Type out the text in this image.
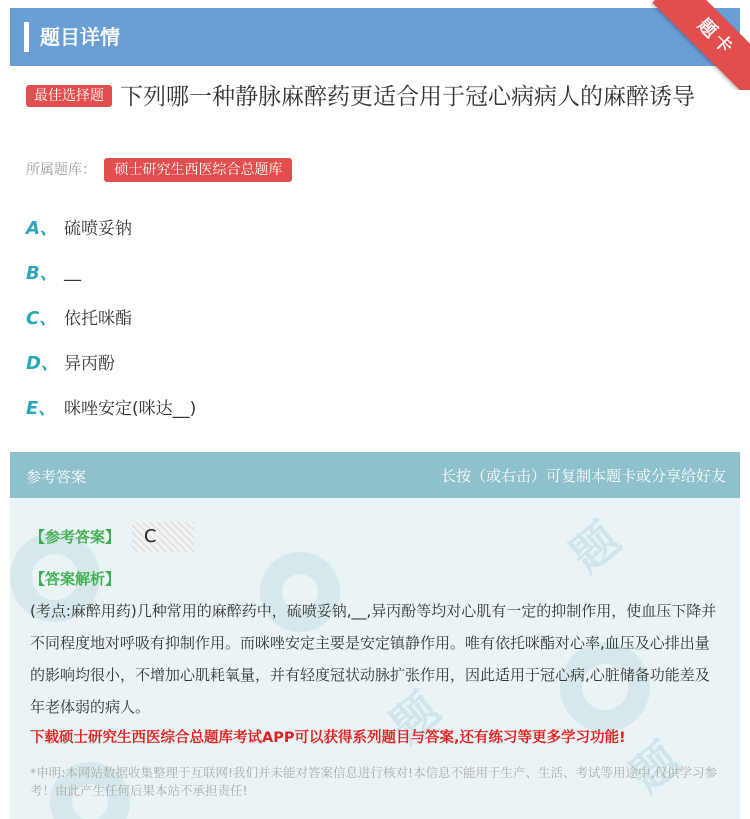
题目详情	题卡
最佳选择题 下列哪一种静脉麻醉药更适合用于冠心病病人的麻醉诱导
所属题库： 硕士研究生西医综合总题库
A、 硫喷妥钠
B、 __
C、 依托咪酯
D、 异丙酚
E、 咪唑安定(咪达__)
题
题
题
参考答案	长按（或右击）可复制本题卡或分享给好友
【参考答案】	C
【答案解析】
(考点:麻醉用药)几种常用的麻醉药中，硫喷妥钠,__,异丙酚等均对心肌有一定的抑制作用，使血压下降并不同程度地对呼吸有抑制作用。而咪唑安定主要是安定镇静作用。唯有依托咪酯对心率,血压及心排出量的影响均很小，不增加心肌耗氧量，并有轻度冠状动脉扩张作用，因此适用于冠心病,心脏储备功能差及年老体弱的病人。
下载硕士研究生西医综合总题库考试APP可以获得系列题目与答案,还有练习等更多学习功能!
*申明:本网站数据收集整理于互联网!我们并未能对答案信息进行核对!本信息不能用于生产、生活、考试等用途中,仅供学习参考！由此产生任何后果本站不承担责任!
